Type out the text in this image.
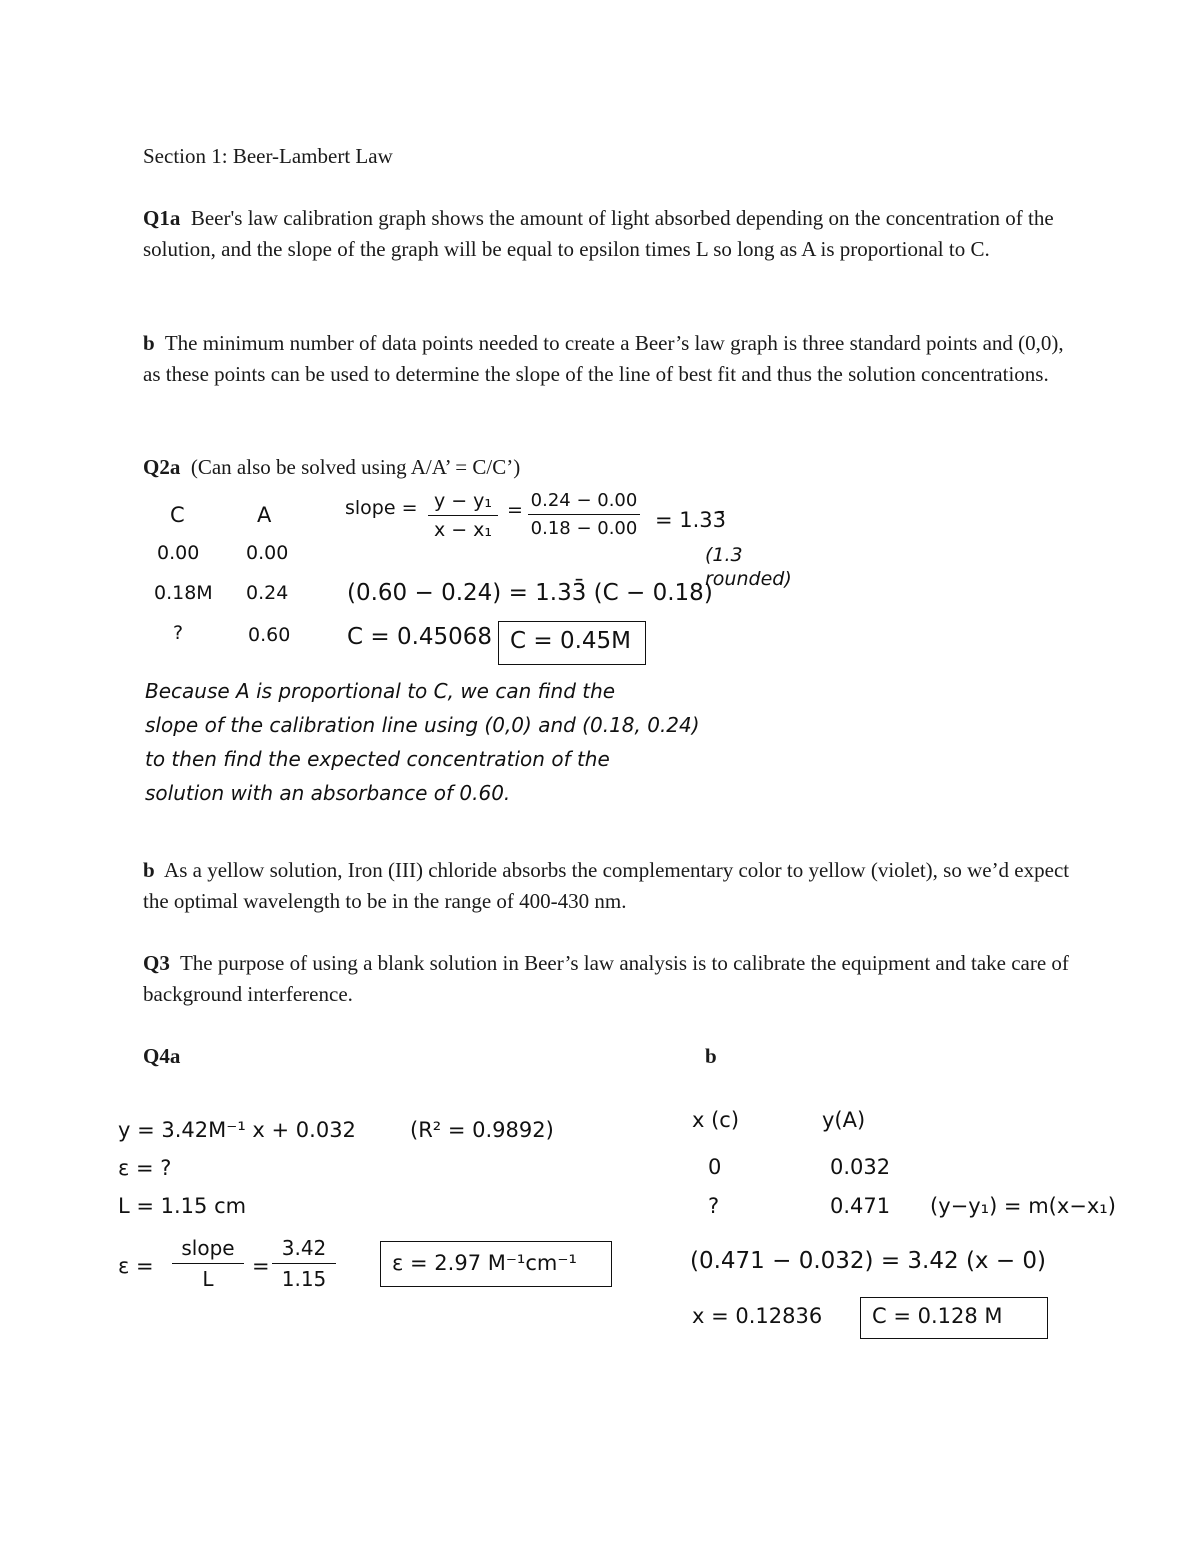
Section 1: Beer-Lambert Law
Q1a Beer's law calibration graph shows the amount of light absorbed depending on the concentration of the solution, and the slope of the graph will be equal to epsilon times L so long as A is proportional to C.
b The minimum number of data points needed to create a Beer’s law graph is three standard points and (0,0), as these points can be used to determine the slope of the line of best fit and thus the solution concentrations.
Q2a (Can also be solved using A/A’ = C/C’)
C	A
0.00 0.00
0.18M 0.24
?	0.60
slope = y − y₁
x − x₁
= 0.24 − 0.00
0.18 − 0.00 = 1.33̄
(1.3
rounded)
(0.60 − 0.24) = 1.33̄ (C − 0.18)
C = 0.45068 C = 0.45M
Because A is proportional to C, we can find the
slope of the calibration line using (0,0) and (0.18, 0.24)
to then find the expected concentration of the
solution with an absorbance of 0.60.
b As a yellow solution, Iron (III) chloride absorbs the complementary color to yellow (violet), so we’d expect the optimal wavelength to be in the range of 400-430 nm.
Q3 The purpose of using a blank solution in Beer’s law analysis is to calibrate the equipment and take care of background interference.
Q4a	b
y = 3.42M⁻¹ x + 0.032	(R² = 0.9892)
ε = ?
L = 1.15 cm
ε =
slope
L
=
3.42
1.15
ε = 2.97 M⁻¹cm⁻¹
x (c)	y(A)
0	0.032
?	0.471 (y−y₁) = m(x−x₁)
(0.471 − 0.032) = 3.42 (x − 0)
x = 0.12836 C = 0.128 M
